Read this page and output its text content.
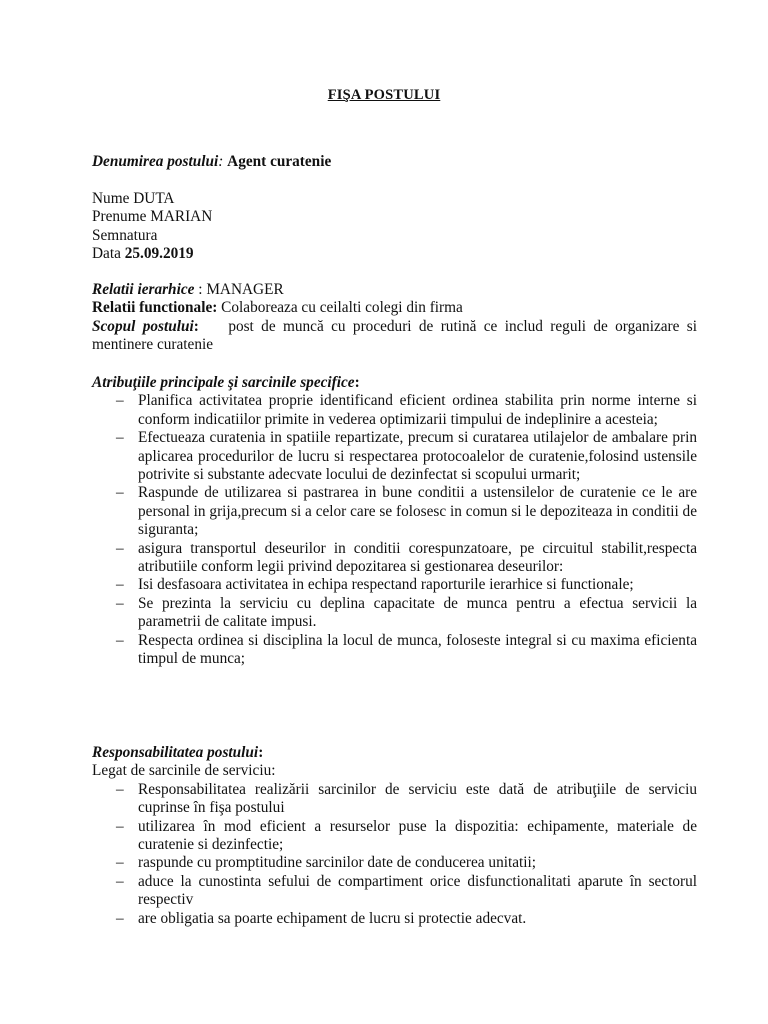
FIŞA POSTULUI
Denumirea postului: Agent curatenie
Nume DUTA
Prenume MARIAN
Semnatura
Data 25.09.2019
Relatii ierarhice : MANAGER
Relatii functionale: Colaboreaza cu ceilalti colegi din firma
Scopul postului: post de muncă cu proceduri de rutină ce includ reguli de organizare si mentinere curatenie
Atribuţiile principale şi sarcinile specifice:
– Planifica activitatea proprie identificand eficient ordinea stabilita prin norme interne si conform indicatiilor primite in vederea optimizarii timpului de indeplinire a acesteia;
– Efectueaza curatenia in spatiile repartizate, precum si curatarea utilajelor de ambalare prin aplicarea procedurilor de lucru si respectarea protocoalelor de curatenie,folosind ustensile potrivite si substante adecvate locului de dezinfectat si scopului urmarit;
– Raspunde de utilizarea si pastrarea in bune conditii a ustensilelor de curatenie ce le are personal in grija,precum si a celor care se folosesc in comun si le depoziteaza in conditii de siguranta;
– asigura transportul deseurilor in conditii corespunzatoare, pe circuitul stabilit,respecta atributiile conform legii privind depozitarea si gestionarea deseurilor:
– Isi desfasoara activitatea in echipa respectand raporturile ierarhice si functionale;
– Se prezinta la serviciu cu deplina capacitate de munca pentru a efectua servicii la parametrii de calitate impusi.
– Respecta ordinea si disciplina la locul de munca, foloseste integral si cu maxima eficienta timpul de munca;
Responsabilitatea postului:
Legat de sarcinile de serviciu:
– Responsabilitatea realizării sarcinilor de serviciu este dată de atribuţiile de serviciu cuprinse în fişa postului
– utilizarea în mod eficient a resurselor puse la dispozitia: echipamente, materiale de curatenie si dezinfectie;
– raspunde cu promptitudine sarcinilor date de conducerea unitatii;
– aduce la cunostinta sefului de compartiment orice disfunctionalitati aparute în sectorul respectiv
– are obligatia sa poarte echipament de lucru si protectie adecvat.
